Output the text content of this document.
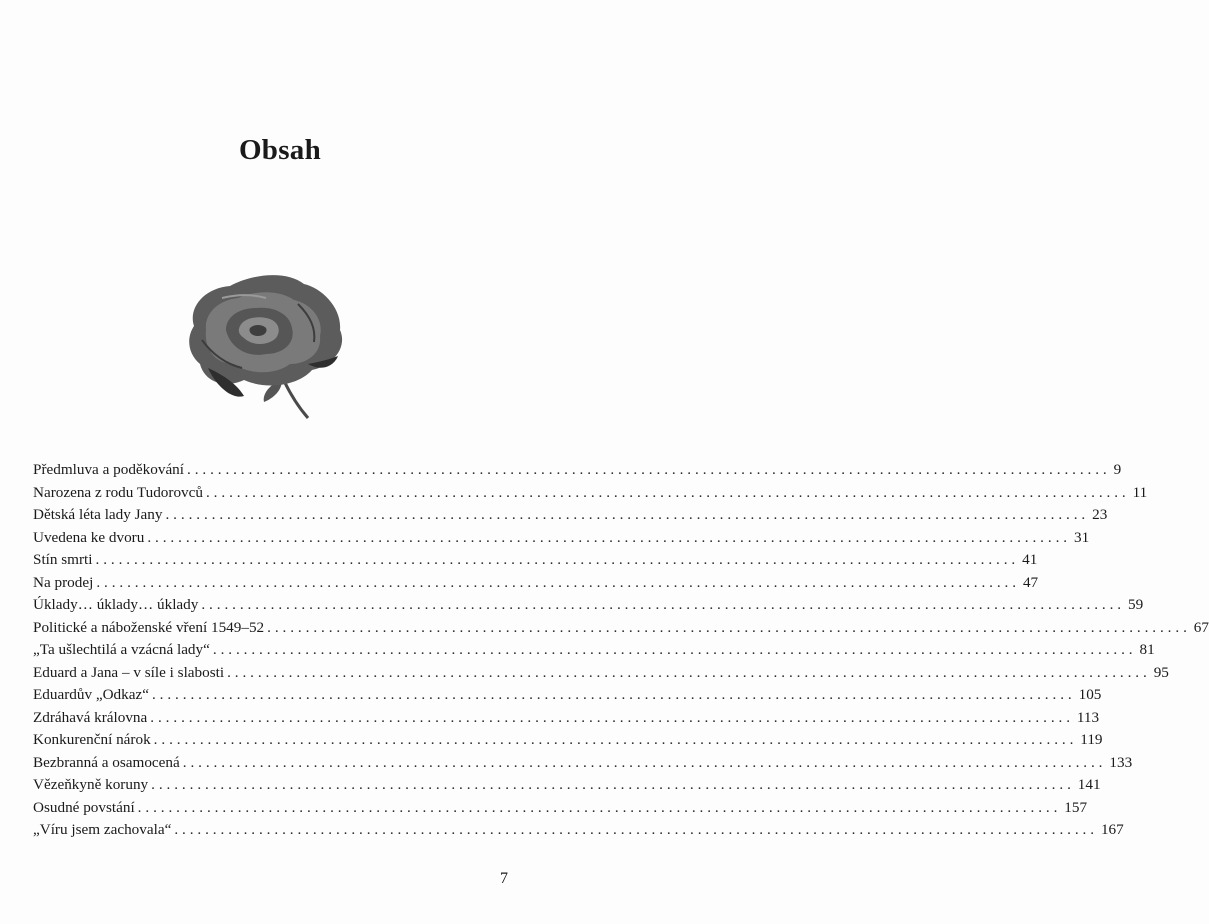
Obsah
Předmluva a poděkování ........................................................................................................................ 9
Narozena z rodu Tudorovců ........................................................................................................................ 11
Dětská léta lady Jany ........................................................................................................................ 23
Uvedena ke dvoru ........................................................................................................................ 31
Stín smrti ........................................................................................................................ 41
Na prodej ........................................................................................................................ 47
Úklady… úklady… úklady ........................................................................................................................ 59
Politické a náboženské vření 1549–52 ........................................................................................................................ 67
„Ta ušlechtilá a vzácná lady“ ........................................................................................................................ 81
Eduard a Jana – v síle i slabosti ........................................................................................................................ 95
Eduardův „Odkaz“ ........................................................................................................................ 105
Zdráhavá královna ........................................................................................................................ 113
Konkurenční nárok ........................................................................................................................ 119
Bezbranná a osamocená ........................................................................................................................ 133
Vězeňkyně koruny ........................................................................................................................ 141
Osudné povstání ........................................................................................................................ 157
„Víru jsem zachovala“ ........................................................................................................................ 167
7
